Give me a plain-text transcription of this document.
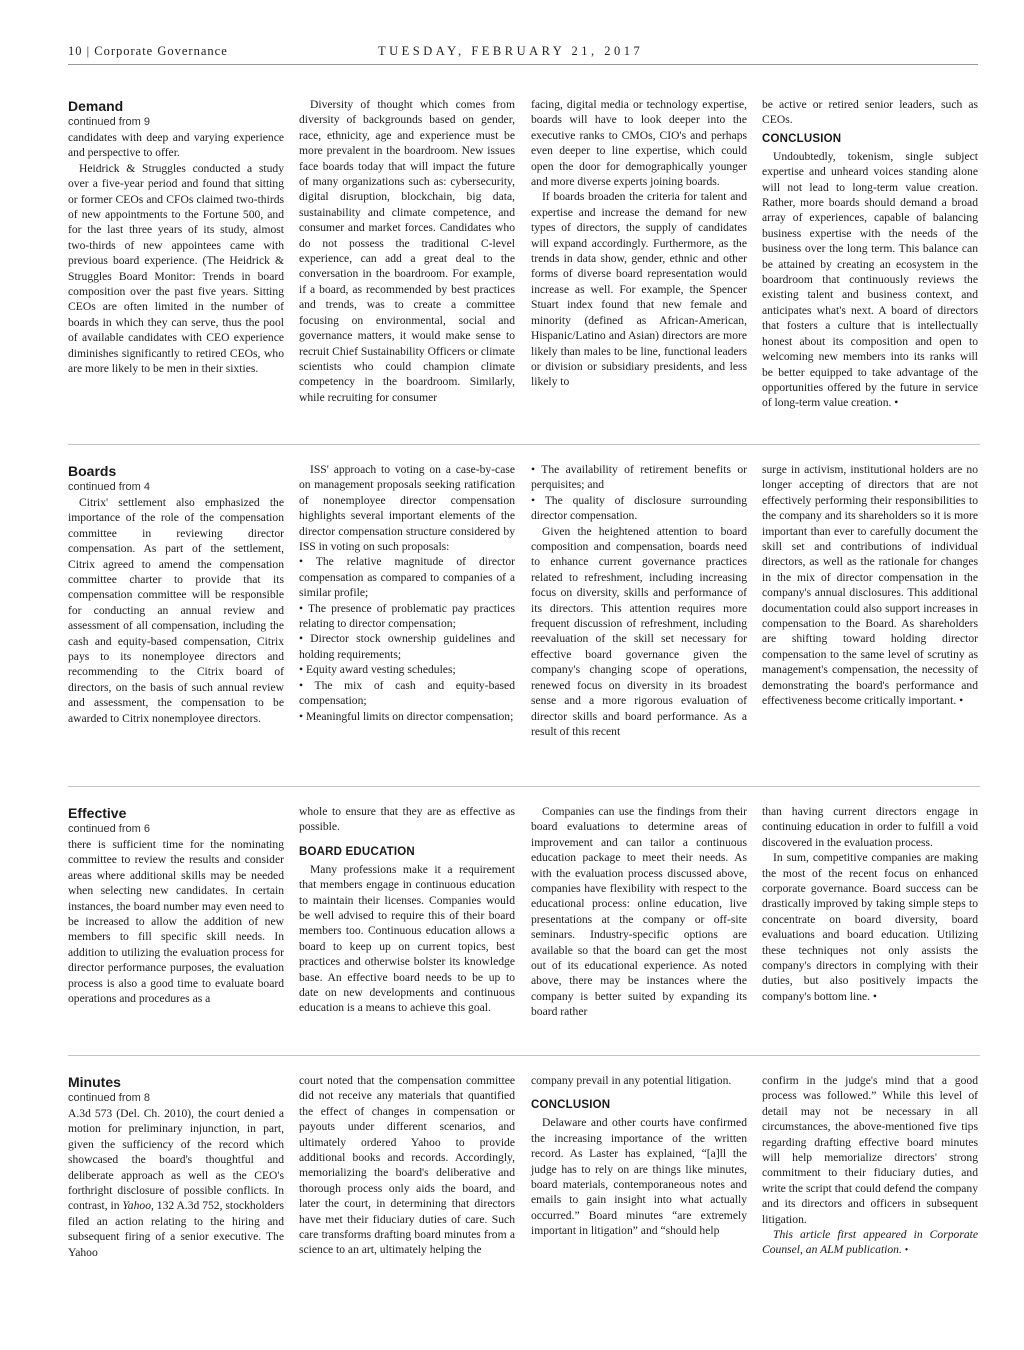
10 | Corporate Governance	TUESDAY, FEBRUARY 21, 2017
Demand

continued from 9

candidates with deep and varying experience and perspective to offer.

Heidrick & Struggles conducted a study over a five-year period and found that sitting or former CEOs and CFOs claimed two-thirds of new appointments to the Fortune 500, and for the last three years of its study, almost two-thirds of new appointees came with previous board experience. (The Heidrick & Struggles Board Monitor: Trends in board composition over the past five years. Sitting CEOs are often limited in the number of boards in which they can serve, thus the pool of available candidates with CEO experience diminishes significantly to retired CEOs, who are more likely to be men in their sixties.

Diversity of thought which comes from diversity of backgrounds based on gender, race, ethnicity, age and experience must be more prevalent in the boardroom. New issues face boards today that will impact the future of many organizations such as: cybersecurity, digital disruption, blockchain, big data, sustainability and climate competence, and consumer and market forces. Candidates who do not possess the traditional C-level experience, can add a great deal to the conversation in the boardroom. For example, if a board, as recommended by best practices and trends, was to create a committee focusing on environmental, social and governance matters, it would make sense to recruit Chief Sustainability Officers or climate scientists who could champion climate competency in the boardroom. Similarly, while recruiting for consumer

facing, digital media or technology expertise, boards will have to look deeper into the executive ranks to CMOs, CIO's and perhaps even deeper to line expertise, which could open the door for demographically younger and more diverse experts joining boards.

If boards broaden the criteria for talent and expertise and increase the demand for new types of directors, the supply of candidates will expand accordingly. Furthermore, as the trends in data show, gender, ethnic and other forms of diverse board representation would increase as well. For example, the Spencer Stuart index found that new female and minority (defined as African-American, Hispanic/Latino and Asian) directors are more likely than males to be line, functional leaders or division or subsidiary presidents, and less likely to

be active or retired senior leaders, such as CEOs.

CONCLUSION

Undoubtedly, tokenism, single subject expertise and unheard voices standing alone will not lead to long-term value creation. Rather, more boards should demand a broad array of experiences, capable of balancing business expertise with the needs of the business over the long term. This balance can be attained by creating an ecosystem in the boardroom that continuously reviews the existing talent and business context, and anticipates what's next. A board of directors that fosters a culture that is intellectually honest about its composition and open to welcoming new members into its ranks will be better equipped to take advantage of the opportunities offered by the future in service of long-term value creation. •

Boards

continued from 4

Citrix' settlement also emphasized the importance of the role of the compensation committee in reviewing director compensation. As part of the settlement, Citrix agreed to amend the compensation committee charter to provide that its compensation committee will be responsible for conducting an annual review and assessment of all compensation, including the cash and equity-based compensation, Citrix pays to its nonemployee directors and recommending to the Citrix board of directors, on the basis of such annual review and assessment, the compensation to be awarded to Citrix nonemployee directors.

ISS' approach to voting on a case-by-case on management proposals seeking ratification of nonemployee director compensation highlights several important elements of the director compensation structure considered by ISS in voting on such proposals:

• The relative magnitude of director compensation as compared to companies of a similar profile;

• The presence of problematic pay practices relating to director compensation;

• Director stock ownership guidelines and holding requirements;

• Equity award vesting schedules;

• The mix of cash and equity-based compensation;

• Meaningful limits on director compensation;

• The availability of retirement benefits or perquisites; and

• The quality of disclosure surrounding director compensation.

Given the heightened attention to board composition and compensation, boards need to enhance current governance practices related to refreshment, including increasing focus on diversity, skills and performance of its directors. This attention requires more frequent discussion of refreshment, including reevaluation of the skill set necessary for effective board governance given the company's changing scope of operations, renewed focus on diversity in its broadest sense and a more rigorous evaluation of director skills and board performance. As a result of this recent

surge in activism, institutional holders are no longer accepting of directors that are not effectively performing their responsibilities to the company and its shareholders so it is more important than ever to carefully document the skill set and contributions of individual directors, as well as the rationale for changes in the mix of director compensation in the company's annual disclosures. This additional documentation could also support increases in compensation to the Board. As shareholders are shifting toward holding director compensation to the same level of scrutiny as management's compensation, the necessity of demonstrating the board's performance and effectiveness become critically important. •

Effective

continued from 6

there is sufficient time for the nominating committee to review the results and consider areas where additional skills may be needed when selecting new candidates. In certain instances, the board number may even need to be increased to allow the addition of new members to fill specific skill needs. In addition to utilizing the evaluation process for director performance purposes, the evaluation process is also a good time to evaluate board operations and procedures as a

whole to ensure that they are as effective as possible.

BOARD EDUCATION

Many professions make it a requirement that members engage in continuous education to maintain their licenses. Companies would be well advised to require this of their board members too. Continuous education allows a board to keep up on current topics, best practices and otherwise bolster its knowledge base. An effective board needs to be up to date on new developments and continuous education is a means to achieve this goal.

Companies can use the findings from their board evaluations to determine areas of improvement and can tailor a continuous education package to meet their needs. As with the evaluation process discussed above, companies have flexibility with respect to the educational process: online education, live presentations at the company or off-site seminars. Industry-specific options are available so that the board can get the most out of its educational experience. As noted above, there may be instances where the company is better suited by expanding its board rather

than having current directors engage in continuing education in order to fulfill a void discovered in the evaluation process.

In sum, competitive companies are making the most of the recent focus on enhanced corporate governance. Board success can be drastically improved by taking simple steps to concentrate on board diversity, board evaluations and board education. Utilizing these techniques not only assists the company's directors in complying with their duties, but also positively impacts the company's bottom line. •

Minutes

continued from 8

A.3d 573 (Del. Ch. 2010), the court denied a motion for preliminary injunction, in part, given the sufficiency of the record which showcased the board's thoughtful and deliberate approach as well as the CEO's forthright disclosure of possible conflicts. In contrast, in Yahoo, 132 A.3d 752, stockholders filed an action relating to the hiring and subsequent firing of a senior executive. The Yahoo

court noted that the compensation committee did not receive any materials that quantified the effect of changes in compensation or payouts under different scenarios, and ultimately ordered Yahoo to provide additional books and records. Accordingly, memorializing the board's deliberative and thorough process only aids the board, and later the court, in determining that directors have met their fiduciary duties of care. Such care transforms drafting board minutes from a science to an art, ultimately helping the

company prevail in any potential litigation.

CONCLUSION

Delaware and other courts have confirmed the increasing importance of the written record. As Laster has explained, “[a]ll the judge has to rely on are things like minutes, board materials, contemporaneous notes and emails to gain insight into what actually occurred.” Board minutes “are extremely important in litigation” and “should help

confirm in the judge's mind that a good process was followed.” While this level of detail may not be necessary in all circumstances, the above-mentioned five tips regarding drafting effective board minutes will help memorialize directors' strong commitment to their fiduciary duties, and write the script that could defend the company and its directors and officers in subsequent litigation.

This article first appeared in Corporate Counsel, an ALM publication. •
